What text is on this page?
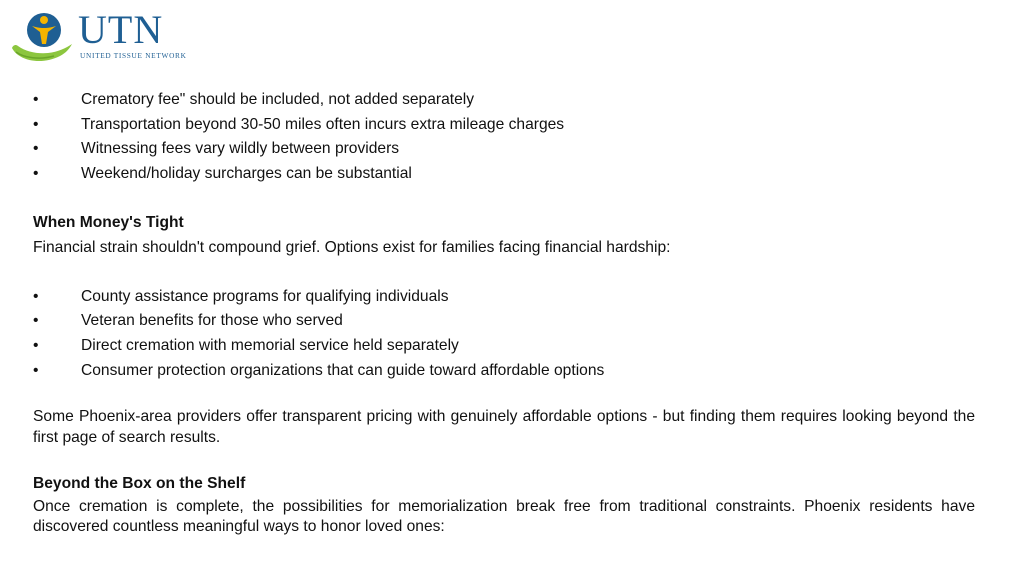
UTN
UNITED TISSUE NETWORK
•	Crematory fee" should be included, not added separately
•	Transportation beyond 30-50 miles often incurs extra mileage charges
•	Witnessing fees vary wildly between providers
•	Weekend/holiday surcharges can be substantial
When Money's Tight
Financial strain shouldn't compound grief. Options exist for families facing financial hardship:
•	County assistance programs for qualifying individuals
•	Veteran benefits for those who served
•	Direct cremation with memorial service held separately
•	Consumer protection organizations that can guide toward affordable options
Some Phoenix-area providers offer transparent pricing with genuinely affordable options - but finding them requires looking beyond the first page of search results.
Beyond the Box on the Shelf
Once cremation is complete, the possibilities for memorialization break free from traditional constraints. Phoenix residents have discovered countless meaningful ways to honor loved ones:
